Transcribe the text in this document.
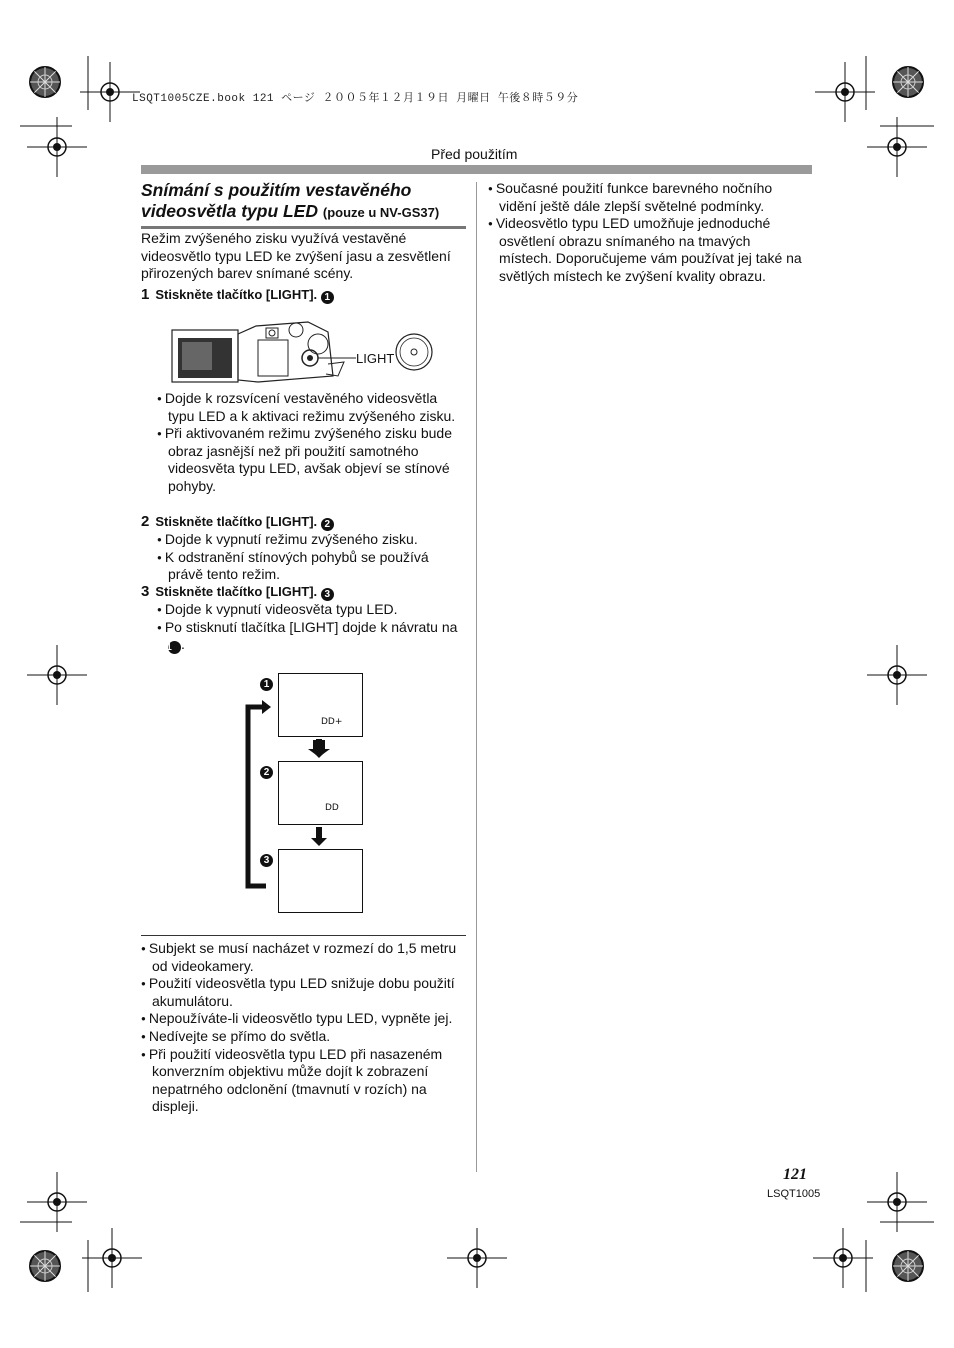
LSQT1005CZE.book 121 ページ ２００５年１２月１９日 月曜日 午後８時５９分
Před použitím
Snímání s použitím vestavěného videosvětla typu LED (pouze u NV-GS37)
Režim zvýšeného zisku využívá vestavěné videosvětlo typu LED ke zvýšení jasu a zesvětlení přirozených barev snímané scény.
1 Stiskněte tlačítko [LIGHT]. 1
LIGHT
● Dojde k rozsvícení vestavěného videosvětla typu LED a k aktivaci režimu zvýšeného zisku.
● Při aktivovaném režimu zvýšeného zisku bude obraz jasnější než při použití samotného videosvěta typu LED, avšak objeví se stínové pohyby.
2 Stiskněte tlačítko [LIGHT]. 2
● Dojde k vypnutí režimu zvýšeného zisku.
● K odstranění stínových pohybů se používá právě tento režim.
3 Stiskněte tlačítko [LIGHT]. 3
● Dojde k vypnutí videosvěta typu LED.
● Po stisknutí tlačítka [LIGHT] dojde k návratu na 1 .
1
ⅮD+
2
ⅮD
3
● Subjekt se musí nacházet v rozmezí do 1,5 metru od videokamery.
● Použití videosvětla typu LED snižuje dobu použití akumulátoru.
● Nepoužíváte-li videosvětlo typu LED, vypněte jej.
● Nedívejte se přímo do světla.
● Při použití videosvětla typu LED při nasazeném konverzním objektivu může dojít k zobrazení nepatrného odclonění (tmavnutí v rozích) na displeji.
● Současné použití funkce barevného nočního vidění ještě dále zlepší světelné podmínky.
● Videosvětlo typu LED umožňuje jednoduché osvětlení obrazu snímaného na tmavých místech. Doporučujeme vám používat jej také na světlých místech ke zvýšení kvality obrazu.
121
LSQT1005
